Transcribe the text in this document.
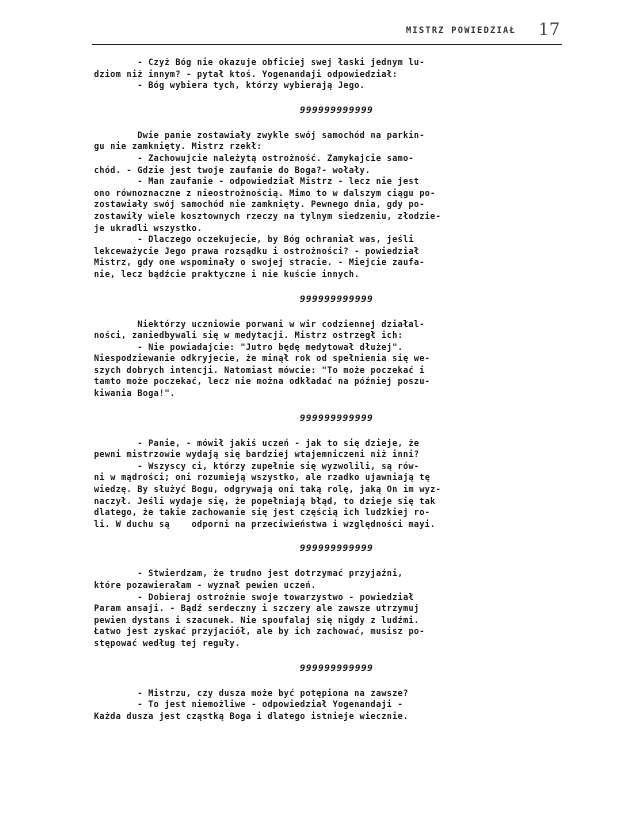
MISTRZ POWIEDZIAŁ 17
- Czyż Bóg nie okazuje obficiej swej łaski jednym lu-
dziom niż innym? - pytał ktoś. Yogenandaji odpowiedział:
- Bóg wybiera tych, którzy wybierają Jego.
999999999999
Dwie panie zostawiały zwykle swój samochód na parkin-
gu nie zamknięty. Mistrz rzekł:
- Zachowujcie należytą ostrożność. Zamykajcie samo-
chód. - Gdzie jest twoje zaufanie do Boga?- wołały.
- Man zaufanie - odpowiedział Mistrz - lecz nie jest
ono równoznaczne z nieostrożnością. Mimo to w dalszym ciągu po-
zostawiały swój samochód nie zamknięty. Pewnego dnia, gdy po-
zostawiły wiele kosztownych rzeczy na tylnym siedzeniu, złodzie-
je ukradli wszystko.
- Dlaczego oczekujecie, by Bóg ochraniał was, jeśli
lekceważycie Jego prawa rozsądku i ostrożności? - powiedział
Mistrz, gdy one wspominały o swojej stracie. - Miejcie zaufa-
nie, lecz bądźcie praktyczne i nie kuście innych.
999999999999
Niektórzy uczniowie porwani w wir codziennej działal-
ności, zaniedbywali się w medytacji. Mistrz ostrzegł ich:
- Nie powiadajcie: "Jutro będę medytował dłużej".
Niespodziewanie odkryjecie, że minął rok od spełnienia się we-
szych dobrych intencji. Natomiast mówcie: "To może poczekać i
tamto może poczekać, lecz nie można odkładać na później poszu-
kiwania Boga!".
999999999999
- Panie, - mówił jakiś uczeń - jak to się dzieje, że
pewni mistrzowie wydają się bardziej wtajemniczeni niż inni?
- Wszyscy ci, którzy zupełnie się wyzwolili, są rów-
ni w mądrości; oni rozumieją wszystko, ale rzadko ujawniają tę
wiedzę. By służyć Bogu, odgrywają oni taką rolę, jaką On im wyz-
naczył. Jeśli wydaje się, że popełniają błąd, to dzieje się tak
dlatego, że takie zachowanie się jest częścią ich ludzkiej ro-
li. W duchu są    odporni na przeciwieństwa i względności mayi.
999999999999
- Stwierdzam, że trudno jest dotrzymać przyjaźni,
które pozawierałam - wyznał pewien uczeń.
- Dobieraj ostrożnie swoje towarzystwo - powiedział
Param ansaji. - Bądź serdeczny i szczery ale zawsze utrzymuj
pewien dystans i szacunek. Nie spoufalaj się nigdy z ludźmi.
Łatwo jest zyskać przyjaciół, ale by ich zachować, musisz po-
stępować według tej reguły.
999999999999
- Mistrzu, czy dusza może być potępiona na zawsze?
- To jest niemożliwe - odpowiedział Yogenandaji -
Każda dusza jest cząstką Boga i dlatego istnieje wiecznie.
